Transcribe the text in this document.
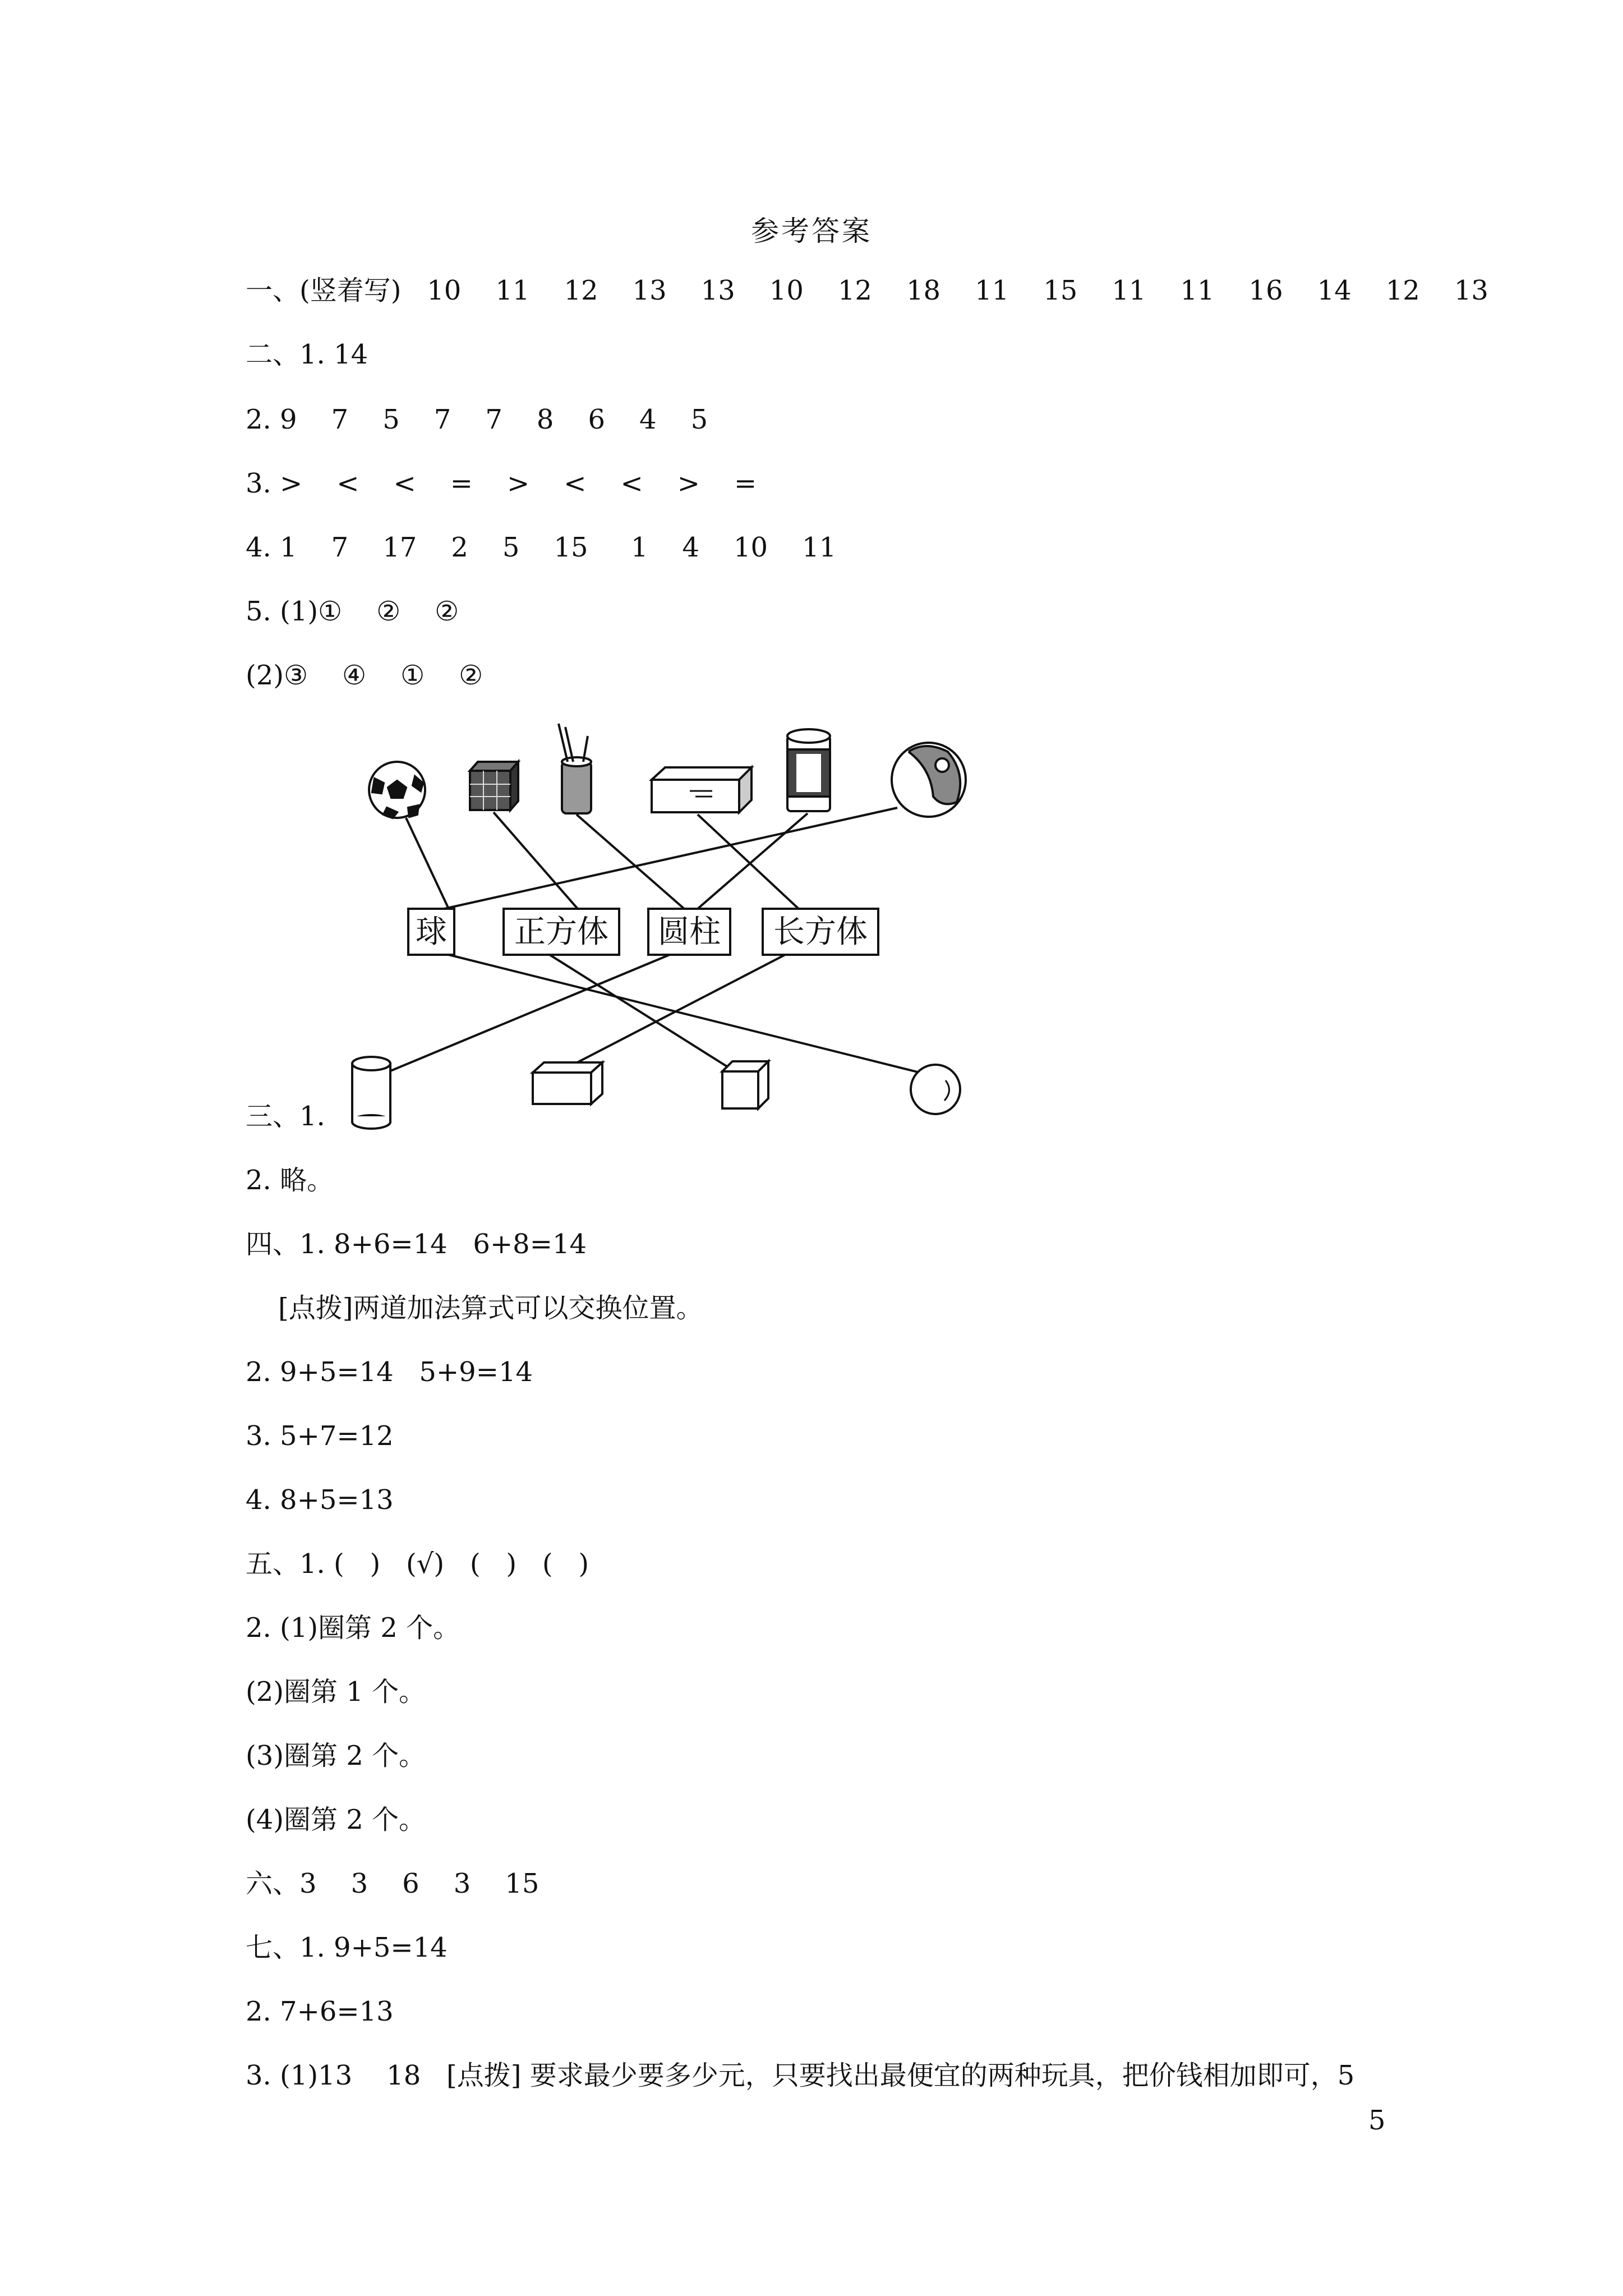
参考答案
一、(竖着写)   10    11    12    13    13    10    12    18    11    15    11    11    16    14    12    13
二、1. 14
2. 9    7    5    7    7    8    6    4    5
3. >    <    <    =    >    <    <    >    =
4. 1    7    17    2    5    15     1    4    10    11
5. (1)①    ②    ②
(2)③    ④    ①    ②
球 正方体 圆柱 长方体
三、1.
2. 略。
四、1. 8+6=14   6+8=14
[点拨]两道加法算式可以交换位置。
2. 9+5=14   5+9=14
3. 5+7=12
4. 8+5=13
五、1. (   )   (√)   (   )   (   )
2. (1)圈第 2 个。
(2)圈第 1 个。
(3)圈第 2 个。
(4)圈第 2 个。
六、3    3    6    3    15
七、1. 9+5=14
2. 7+6=13
3. (1)13    18   [点拨] 要求最少要多少元，只要找出最便宜的两种玩具，把价钱相加即可，5
5
